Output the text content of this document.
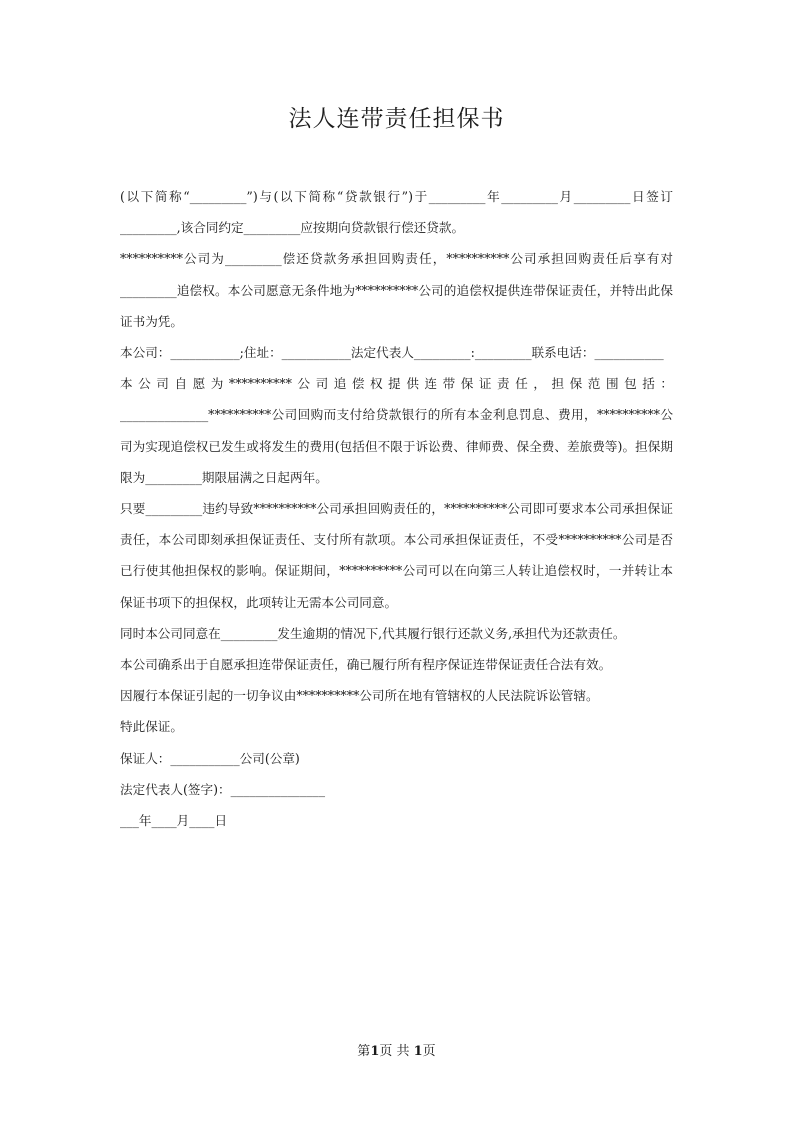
法人连带责任担保书

(以下简称“_________”)与(以下简称“贷款银行”)于_________年_________月_________日签订_________,该合同约定_________应按期向贷款银行偿还贷款。

**********公司为_________偿还贷款务承担回购责任，**********公司承担回购责任后享有对_________追偿权。本公司愿意无条件地为**********公司的追偿权提供连带保证责任，并特出此保证书为凭。

本公司：___________;住址：___________法定代表人_________:_________联系电话：___________

本公司自愿为**********公司追偿权提供连带保证责任，担保范围包括：______________**********公司回购而支付给贷款银行的所有本金利息罚息、费用，**********公司为实现追偿权已发生或将发生的费用(包括但不限于诉讼费、律师费、保全费、差旅费等)。担保期限为_________期限届满之日起两年。

只要_________违约导致**********公司承担回购责任的，**********公司即可要求本公司承担保证责任，本公司即刻承担保证责任、支付所有款项。本公司承担保证责任，不受**********公司是否已行使其他担保权的影响。保证期间，**********公司可以在向第三人转让追偿权时，一并转让本保证书项下的担保权，此项转让无需本公司同意。

同时本公司同意在_________发生逾期的情况下,代其履行银行还款义务,承担代为还款责任。

本公司确系出于自愿承担连带保证责任，确已履行所有程序保证连带保证责任合法有效。

因履行本保证引起的一切争议由**********公司所在地有管辖权的人民法院诉讼管辖。

特此保证。

保证人：___________公司(公章)

法定代表人(签字)：_______________

___年____月____日

第1页 共 1页
